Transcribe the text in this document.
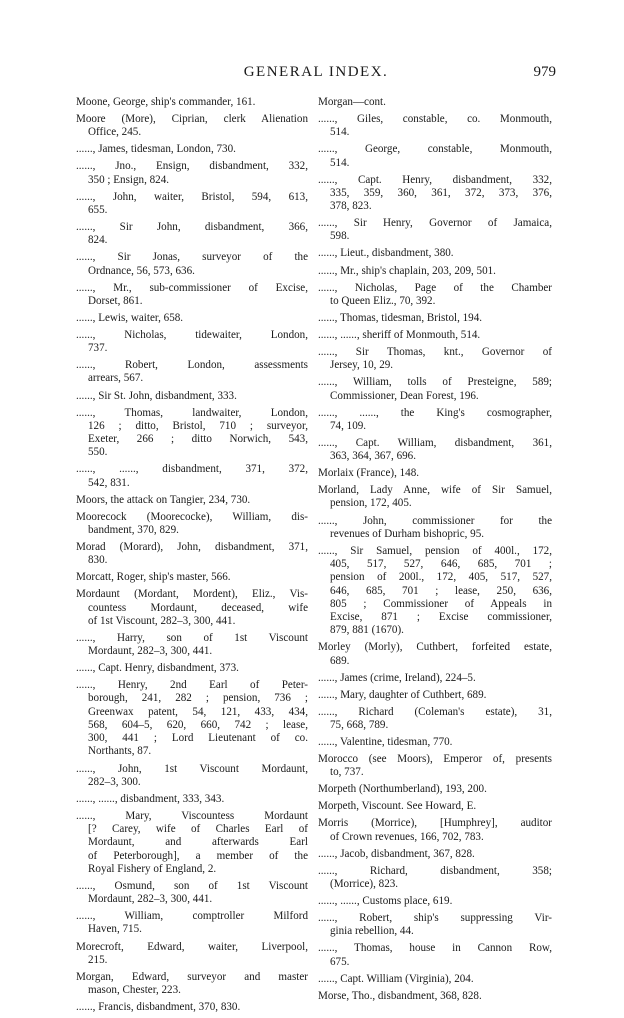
GENERAL INDEX.	979
Moone, George, ship's commander, 161.
Moore (More), Ciprian, clerk Alienation
Office, 245.
......, James, tidesman, London, 730.
......, Jno., Ensign, disbandment, 332,
350 ; Ensign, 824.
......, John, waiter, Bristol, 594, 613,
655.
......, Sir John, disbandment, 366,
824.
......, Sir Jonas, surveyor of the
Ordnance, 56, 573, 636.
......, Mr., sub-commissioner of Excise,
Dorset, 861.
......, Lewis, waiter, 658.
......, Nicholas, tidewaiter, London,
737.
......, Robert, London, assessments
arrears, 567.
......, Sir St. John, disbandment, 333.
......, Thomas, landwaiter, London,
126 ; ditto, Bristol, 710 ; surveyor,
Exeter, 266 ; ditto Norwich, 543,
550.
......, ......, disbandment, 371, 372,
542, 831.
Moors, the attack on Tangier, 234, 730.
Moorecock (Moorecocke), William, dis-
bandment, 370, 829.
Morad (Morard), John, disbandment, 371,
830.
Morcatt, Roger, ship's master, 566.
Mordaunt (Mordant, Mordent), Eliz., Vis-
countess Mordaunt, deceased, wife
of 1st Viscount, 282–3, 300, 441.
......, Harry, son of 1st Viscount
Mordaunt, 282–3, 300, 441.
......, Capt. Henry, disbandment, 373.
......, Henry, 2nd Earl of Peter-
borough, 241, 282 ; pension, 736 ;
Greenwax patent, 54, 121, 433, 434,
568, 604–5, 620, 660, 742 ; lease,
300, 441 ; Lord Lieutenant of co.
Northants, 87.
......, John, 1st Viscount Mordaunt,
282–3, 300.
......, ......, disbandment, 333, 343.
......, Mary, Viscountess Mordaunt
[? Carey, wife of Charles Earl of
Mordaunt, and afterwards Earl
of Peterborough], a member of the
Royal Fishery of England, 2.
......, Osmund, son of 1st Viscount
Mordaunt, 282–3, 300, 441.
......, William, comptroller Milford
Haven, 715.
Morecroft, Edward, waiter, Liverpool,
215.
Morgan, Edward, surveyor and master
mason, Chester, 223.
......, Francis, disbandment, 370, 830.
Morgan—cont.
......, Giles, constable, co. Monmouth,
514.
......, George, constable, Monmouth,
514.
......, Capt. Henry, disbandment, 332,
335, 359, 360, 361, 372, 373, 376,
378, 823.
......, Sir Henry, Governor of Jamaica,
598.
......, Lieut., disbandment, 380.
......, Mr., ship's chaplain, 203, 209, 501.
......, Nicholas, Page of the Chamber
to Queen Eliz., 70, 392.
......, Thomas, tidesman, Bristol, 194.
......, ......, sheriff of Monmouth, 514.
......, Sir Thomas, knt., Governor of
Jersey, 10, 29.
......, William, tolls of Presteigne, 589;
Commissioner, Dean Forest, 196.
......, ......, the King's cosmographer,
74, 109.
......, Capt. William, disbandment, 361,
363, 364, 367, 696.
Morlaix (France), 148.
Morland, Lady Anne, wife of Sir Samuel,
pension, 172, 405.
......, John, commissioner for the
revenues of Durham bishopric, 95.
......, Sir Samuel, pension of 400l., 172,
405, 517, 527, 646, 685, 701 ;
pension of 200l., 172, 405, 517, 527,
646, 685, 701 ; lease, 250, 636,
805 ; Commissioner of Appeals in
Excise, 871 ; Excise commissioner,
879, 881 (1670).
Morley (Morly), Cuthbert, forfeited estate,
689.
......, James (crime, Ireland), 224–5.
......, Mary, daughter of Cuthbert, 689.
......, Richard (Coleman's estate), 31,
75, 668, 789.
......, Valentine, tidesman, 770.
Morocco (see Moors), Emperor of, presents
to, 737.
Morpeth (Northumberland), 193, 200.
Morpeth, Viscount. See Howard, E.
Morris (Morrice), [Humphrey], auditor
of Crown revenues, 166, 702, 783.
......, Jacob, disbandment, 367, 828.
......, Richard, disbandment, 358;
(Morrice), 823.
......, ......, Customs place, 619.
......, Robert, ship's suppressing Vir-
ginia rebellion, 44.
......, Thomas, house in Cannon Row,
675.
......, Capt. William (Virginia), 204.
Morse, Tho., disbandment, 368, 828.
